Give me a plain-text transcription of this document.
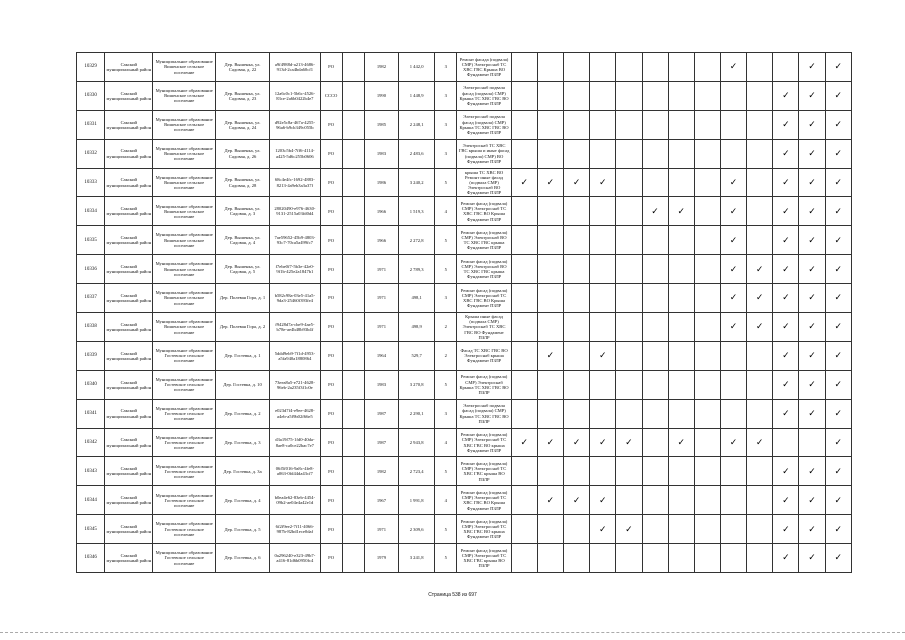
10329	Сакский муниципальный район	Муниципальное образование Вишенское сельское поселение	Дер. Вышенка, ул. Садовая, д. 22	a9f4988d-a213-4686-913d-2ca4bda60cf1	РО		1982	1 442,0	3	Ремонт фасада (подвала) СМР) Электроснаб ТС ХВС ГВС Крыша ВО Фундамент ПЗЛР									✓			✓	✓
10330	Сакский муниципальный район	Муниципальное образование Вишенское сельское поселение	Дер. Вышенка, ул. Садовая, д. 23	12a6c0c1-5b6c-4526-83ce-2a6b0422b4e7	СССО		1990	1 448,9	3	Электроснаб подвала фасад (подвала) СМР) Крыша ТС ХВС ГВС ВО Фундамент ПЗЛР											✓	✓	✓
10331	Сакский муниципальный район	Муниципальное образование Вишенское сельское поселение	Дер. Вышенка, ул. Садовая, д. 24	d92e5c8a-467a-4255-96a6-b9cb349c055b	РО		1985	2 248,1	3	Электроснаб подвала фасад (подвала) СМР) Крыша ТС ХВС ГВС ВО Фундамент ПЗЛР											✓	✓	✓
10332	Сакский муниципальный район	Муниципальное образование Вишенское сельское поселение	Дер. Вышенка, ул. Садовая, д. 26	1203c5b4-7ff6-4114-a425-5d6c255b0606	РО		1983	2 483,6	3	Электроснаб ТС ХВС ГВС крыша и иные фасад (подвала) СМР) ВО Фундамент ПЗЛР											✓	✓	✓
10333	Сакский муниципальный район	Муниципальное образование Вишенское сельское поселение	Дер. Вышенка, ул. Садовая, д. 28	68c4e4fc-1692-4883-8213-4a9eb3a3a37f	РО		1986	3 240,2	5	крыша ТС ХВС ВО Ремонт иные фасад (подвала СМР) Электроснаб ВО Фундамент ПЗЛР	✓	✓	✓	✓					✓		✓	✓	✓
10334	Сакский муниципальный район	Муниципальное образование Вишенское сельское поселение	Дер. Вышенка, ул. Садовая, д. 3	28020490-e976-4630-9131-2515a03fd0d4	РО		1966	1 519,3	4	Ремонт фасад (подвала) СМР) Электроснаб ТС ХВС ГВС ВО Крыша Фундамент ПЗЛР						✓	✓		✓		✓	✓	✓
10335	Сакский муниципальный район	Муниципальное образование Вишенское сельское поселение	Дер. Вышенка, ул. Садовая, д. 4	7ae59652-45b9-4803-93c7-70ca5a499fc7	РО		1966	2 272,8	5	Ремонт фасад (подвала) СМР) Электроснаб ВО ТС ХВС ГВС крыша Фундамент ПЗЛР									✓		✓	✓	✓
10336	Сакский муниципальный район	Муниципальное образование Вишенское сельское поселение	Дер. Вышенка, ул. Садовая, д. 5	f7ebe0f7-5b3e-42e0-9f1b-425e2a1847b1	РО		1971	2 789,3	5	Ремонт фасад (подвала) СМР) Электроснаб ВО ТС ХВС ГВС крыша Фундамент ПЗЛР									✓	✓	✓	✓	✓
10337	Сакский муниципальный район	Муниципальное образование Вишенское сельское поселение	Дер. Полевая Гора, д. 1	b582c98a-03e5-41a5-9da3-25460f393fe4	РО		1971	498,1	3	Ремонт фасад (подвала) СМР) Электроснаб ТС ХВС ГВС ВО Крыша Фундамент ПЗЛР									✓	✓	✓	✓	✓
10338	Сакский муниципальный район	Муниципальное образование Вишенское сельское поселение	Дер. Полевая Гора, д. 2	f9428d7a-cbe9-4ae5-b78e-ae4b48b93b4f	РО		1971	498,9	2	Крыша иные фасад (подвала СМР) Электроснаб ТС ХВС ГВС ВО Фундамент ПЗЛР									✓	✓	✓	✓	✓
10339	Сакский муниципальный район	Муниципальное образование Гостевское сельское поселение	Дер. Гостевка, д. 1	5ddd9eb9-7f1d-4953-a5fa940a1880864	РО		1964	529,7	2	Фасад ТС ХВС ГВС ВО Электроснаб крыша Фундамент ПЗЛР		✓		✓							✓	✓	✓
10340	Сакский муниципальный район	Муниципальное образование Гостевское сельское поселение	Дер. Гостевка, д. 10	73eea8a5-e721-4628-96eb-2a235f3f1c0e	РО		1983	3 270,8	5	Ремонт фасад (подвала) СМР) Электроснаб Крыша ТС ХВС ГВС ВО ПЗЛР											✓	✓	✓
10341	Сакский муниципальный район	Муниципальное образование Гостевское сельское поселение	Дер. Гостевка, д. 2	e023d7f4-e9ee-4628-a4eb-a5f9b02f66e5	РО		1987	2 290,1	3	Электроснаб подвала фасад (подвала) СМР) Крыша ТС ХВС ГВС ВО ПЗЛР											✓	✓	✓
10342	Сакский муниципальный район	Муниципальное образование Гостевское сельское поселение	Дер. Гостевка, д. 3	d3a19f75-1fd0-40da-8ae8-ca0ce22bac7e7	РО		1987	2 943,8	4	Ремонт фасад (подвала) СМР) Электроснаб ТС ХВС ГВС ВО крыша Фундамент ПЗЛР	✓	✓	✓	✓	✓		✓		✓	✓			✓
10343	Сакский муниципальный район	Муниципальное образование Гостевское сельское поселение	Дер. Гостевка, д. 3а	06f5f016-9a8c-4fe8-a063-0fd44da43cf7	РО		1982	2 723,4	5	Ремонт фасад (подвала) СМР) Электроснаб ТС ХВС ГВС крыша ВО ПЗЛР											✓	✓	✓
10344	Сакский муниципальный район	Муниципальное образование Гостевское сельское поселение	Дер. Гостевка, д. 4	b0ea4e62-83eb-4454-09b2-ae04e4a42e1d	РО		1967	1 991,8	4	Ремонт фасад (подвала) СМР) Электроснаб ТС ХВС ГВС ВО Крыша Фундамент ПЗЛР		✓	✓	✓							✓	✓	✓
10345	Сакский муниципальный район	Муниципальное образование Гостевское сельское поселение	Дер. Гостевка, д. 5	6f2f9ee2-7f11-4066-987b-82bd1ece0daf	РО		1971	2 309,6	5	Ремонт фасад (подвала) СМР) Электроснаб ТС ХВС ГВС ВО крыша Фундамент ПЗЛР				✓	✓						✓	✓	✓
10346	Сакский муниципальный район	Муниципальное образование Гостевское сельское поселение	Дер. Гостевка, д. 6	0a296240-e323-49b7-a416-81d6b0950fc4	РО		1979	3 241,8	5	Ремонт фасад (подвала) СМР) Электроснаб ТС ХВС ГВС крыша ВО ПЗЛР											✓	✓	✓
Страница 538 из 697
